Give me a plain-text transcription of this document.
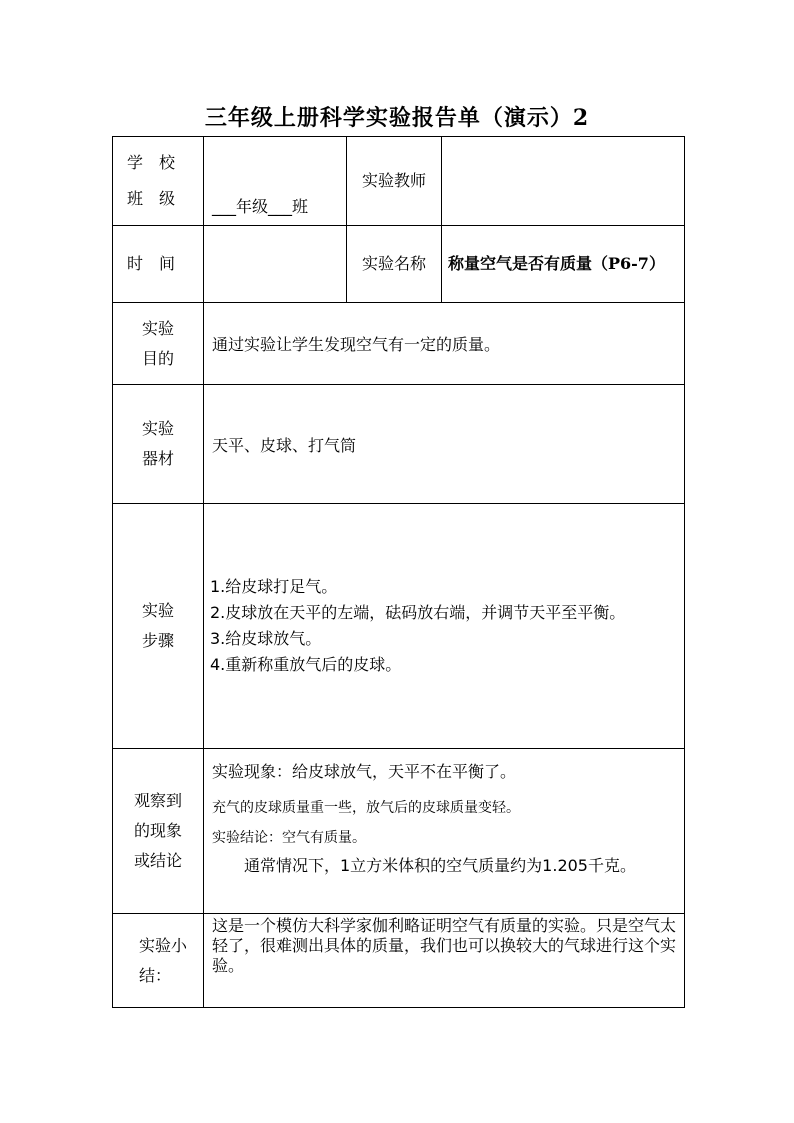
三年级上册科学实验报告单（演示）2
学　校
班　级	___年级___班	实验教师	

时　间		实验名称	称量空气是否有质量（P6-7）

实验目的	通过实验让学生发现空气有一定的质量。		

实验器材	天平、皮球、打气筒		

实验步骤	1.给皮球打足气。
2.皮球放在天平的左端，砝码放右端，并调节天平至平衡。
3.给皮球放气。
4.重新称重放气后的皮球。		

观察到的现象或结论	实验现象：给皮球放气，天平不在平衡了。

充气的皮球质量重一些，放气后的皮球质量变轻。

实验结论：空气有质量。

通常情况下，1立方米体积的空气质量约为1.205千克。		

实验小结：	这是一个模仿大科学家伽利略证明空气有质量的实验。只是空气太轻了，很难测出具体的质量，我们也可以换较大的气球进行这个实验。		
